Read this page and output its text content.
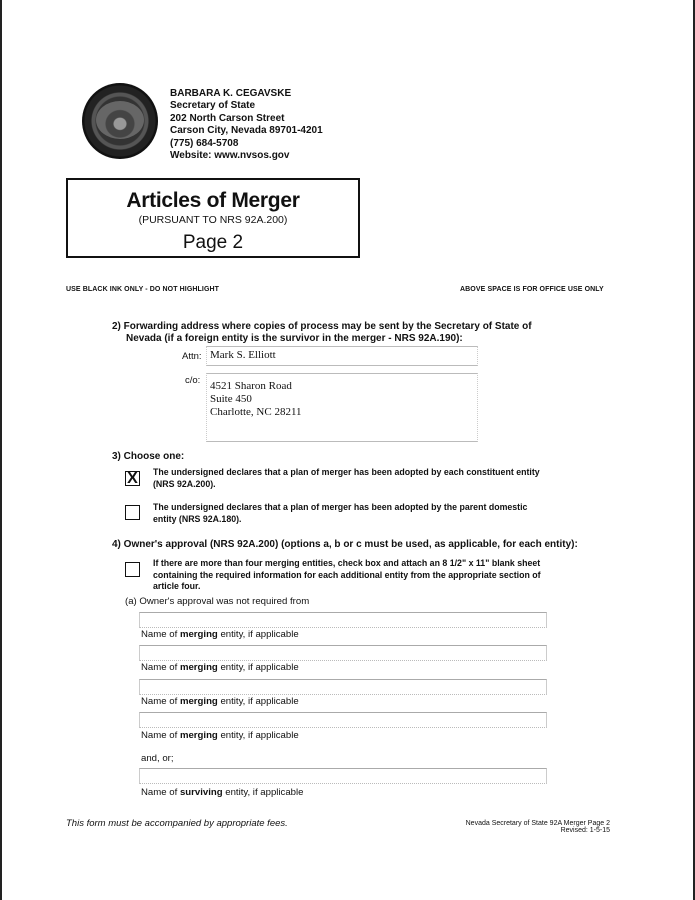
BARBARA K. CEGAVSKE
Secretary of State
202 North Carson Street
Carson City, Nevada 89701-4201
(775) 684-5708
Website: www.nvsos.gov
Articles of Merger
(PURSUANT TO NRS 92A.200)
Page 2
USE BLACK INK ONLY - DO NOT HIGHLIGHT	ABOVE SPACE IS FOR OFFICE USE ONLY
2) Forwarding address where copies of process may be sent by the Secretary of State of
Nevada (if a foreign entity is the survivor in the merger - NRS 92A.190):
Attn: Mark S. Elliott
c/o: 4521 Sharon Road
Suite 450
Charlotte, NC 28211
3) Choose one:
X The undersigned declares that a plan of merger has been adopted by each constituent entity
(NRS 92A.200).
The undersigned declares that a plan of merger has been adopted by the parent domestic
entity (NRS 92A.180).
4) Owner's approval (NRS 92A.200) (options a, b or c must be used, as applicable, for each entity):
If there are more than four merging entities, check box and attach an 8 1/2" x 11" blank sheet
containing the required information for each additional entity from the appropriate section of
article four.
(a) Owner's approval was not required from
Name of merging entity, if applicable
Name of merging entity, if applicable
Name of merging entity, if applicable
Name of merging entity, if applicable
and, or;
Name of surviving entity, if applicable
This form must be accompanied by appropriate fees.	Nevada Secretary of State 92A Merger Page 2
Revised: 1-5-15
